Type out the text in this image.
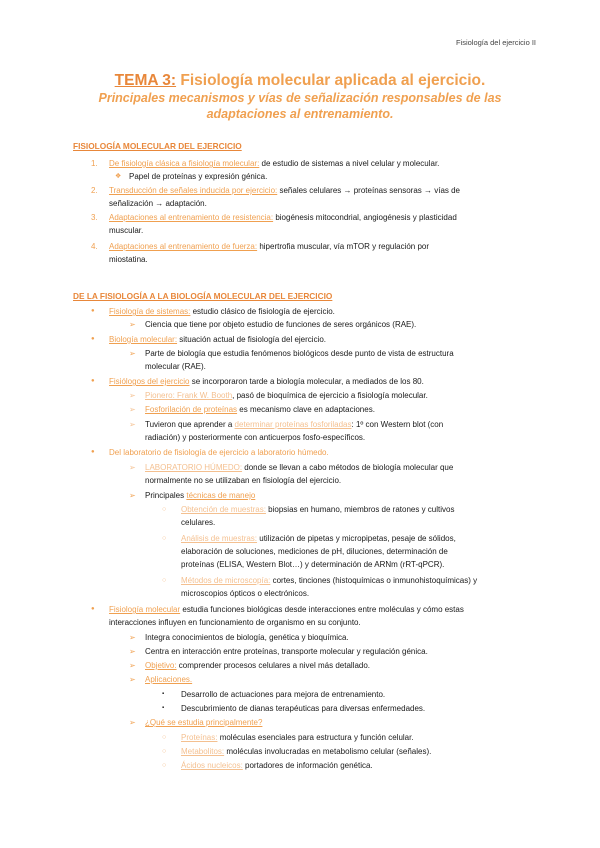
Fisiología del ejercicio II
TEMA 3: Fisiología molecular aplicada al ejercicio.
Principales mecanismos y vías de señalización responsables de las
adaptaciones al entrenamiento.
FISIOLOGÍA MOLECULAR DEL EJERCICIO
1. De fisiología clásica a fisiología molecular: de estudio de sistemas a nivel celular y molecular.
❖ Papel de proteínas y expresión génica.
2. Transducción de señales inducida por ejercicio: señales celulares → proteínas sensoras → vías de
señalización → adaptación.
3. Adaptaciones al entrenamiento de resistencia: biogénesis mitocondrial, angiogénesis y plasticidad
muscular.
4. Adaptaciones al entrenamiento de fuerza: hipertrofia muscular, vía mTOR y regulación por
miostatina.
DE LA FISIOLOGÍA A LA BIOLOGÍA MOLECULAR DEL EJERCICIO
● Fisiología de sistemas: estudio clásico de fisiología de ejercicio.
➢ Ciencia que tiene por objeto estudio de funciones de seres orgánicos (RAE).
● Biología molecular: situación actual de fisiología del ejercicio.
➢ Parte de biología que estudia fenómenos biológicos desde punto de vista de estructura
molecular (RAE).
● Fisiólogos del ejercicio se incorporaron tarde a biología molecular, a mediados de los 80.
➢ Pionero: Frank W. Booth, pasó de bioquímica de ejercicio a fisiología molecular.
➢ Fosforilación de proteínas es mecanismo clave en adaptaciones.
➢ Tuvieron que aprender a determinar proteínas fosforiladas: 1º con Western blot (con
radiación) y posteriormente con anticuerpos fosfo-específicos.
● Del laboratorio de fisiología de ejercicio a laboratorio húmedo.
➢ LABORATORIO HÚMEDO: donde se llevan a cabo métodos de biología molecular que
normalmente no se utilizaban en fisiología del ejercicio.
➢ Principales técnicas de manejo
○ Obtención de muestras: biopsias en humano, miembros de ratones y cultivos
celulares.
○ Análisis de muestras: utilización de pipetas y micropipetas, pesaje de sólidos,
elaboración de soluciones, mediciones de pH, diluciones, determinación de
proteínas (ELISA, Western Blot…) y determinación de ARNm (rRT-qPCR).
○ Métodos de microscopía: cortes, tinciones (histoquímicas o inmunohistoquímicas) y
microscopios ópticos o electrónicos.
● Fisiología molecular estudia funciones biológicas desde interacciones entre moléculas y cómo estas
interacciones influyen en funcionamiento de organismo en su conjunto.
➢ Integra conocimientos de biología, genética y bioquímica.
➢ Centra en interacción entre proteínas, transporte molecular y regulación génica.
➢ Objetivo: comprender procesos celulares a nivel más detallado.
➢ Aplicaciones.
▪ Desarrollo de actuaciones para mejora de entrenamiento.
▪ Descubrimiento de dianas terapéuticas para diversas enfermedades.
➢ ¿Qué se estudia principalmente?
○ Proteínas: moléculas esenciales para estructura y función celular.
○ Metabolitos: moléculas involucradas en metabolismo celular (señales).
○ Ácidos nucleicos: portadores de información genética.
